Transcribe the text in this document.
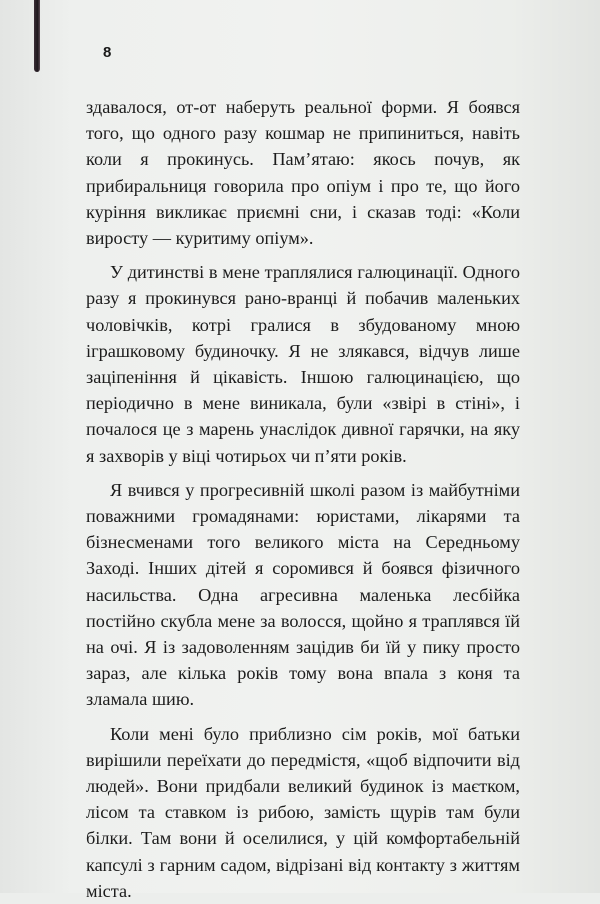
8

здавалося, от-от наберуть реальної форми. Я боявся того, що одного разу кошмар не припиниться, навіть коли я прокинусь. Пам’ятаю: якось почув, як прибиральниця говорила про опіум і про те, що його куріння викликає приємні сни, і сказав тоді: «Коли виросту — куритиму опіум».

У дитинстві в мене траплялися галюцинації. Одного разу я прокинувся рано-вранці й побачив маленьких чоловічків, котрі гралися в збудованому мною іграшковому будиночку. Я не злякався, відчув лише заціпеніння й цікавість. Іншою галюцинацією, що періодично в мене виникала, були «звірі в стіні», і почалося це з марень унаслідок дивної гарячки, на яку я захворів у віці чотирьох чи п’яти років.

Я вчився у прогресивній школі разом із майбутніми поважними громадянами: юристами, лікарями та бізнесменами того великого міста на Середньому Заході. Інших дітей я соромився й боявся фізичного насильства. Одна агресивна маленька лесбійка постійно скубла мене за волосся, щойно я траплявся їй на очі. Я із задоволенням зацідив би їй у пику просто зараз, але кілька років тому вона впала з коня та зламала шию.

Коли мені було приблизно сім років, мої батьки вирішили переїхати до передмістя, «щоб відпочити від людей». Вони придбали великий будинок із маєтком, лісом та ставком із рибою, замість щурів там були білки. Там вони й оселилися, у цій комфортабельній капсулі з гарним садом, відрізані від контакту з життям міста.
